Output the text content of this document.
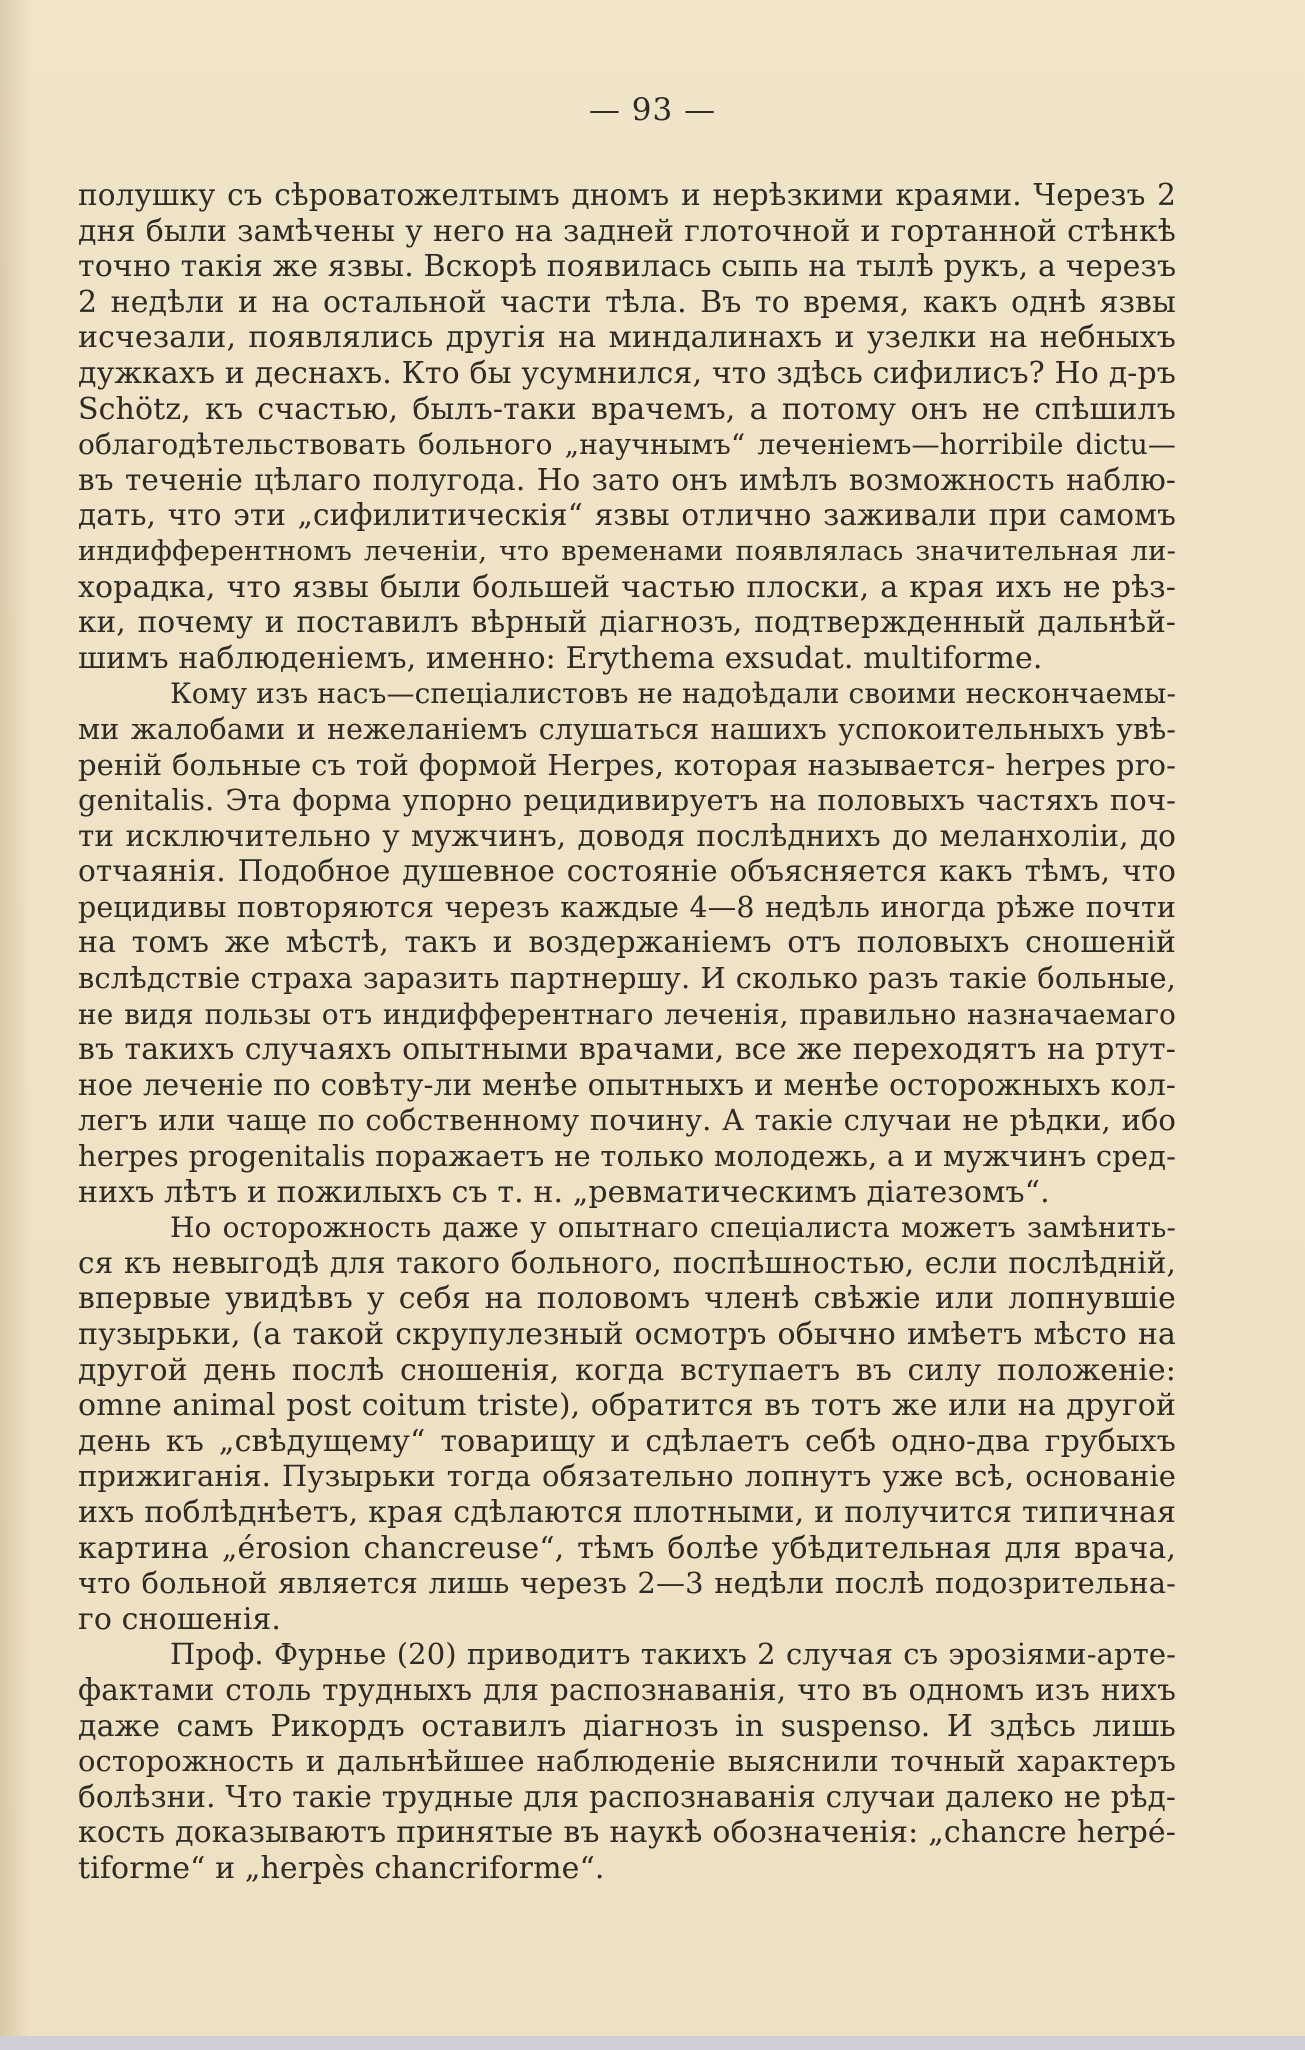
— 93 —
полушку съ сѣроватожелтымъ дномъ и нерѣзкими краями. Черезъ 2
дня были замѣчены у него на задней глоточной и гортанной стѣнкѣ
точно такія же язвы. Вскорѣ появилась сыпь на тылѣ рукъ, а черезъ
2 недѣли и на остальной части тѣла. Въ то время, какъ однѣ язвы
исчезали, появлялись другія на миндалинахъ и узелки на небныхъ
дужкахъ и деснахъ. Кто бы усумнился, что здѣсь сифилисъ? Но д-ръ
Schötz, къ счастью, былъ-таки врачемъ, а потому онъ не спѣшилъ
облагодѣтельствовать больного „научнымъ“ леченіемъ—horribile dictu—
въ теченіе цѣлаго полугода. Но зато онъ имѣлъ возможность наблю-
дать, что эти „сифилитическія“ язвы отлично заживали при самомъ
индифферентномъ леченіи, что временами появлялась значительная ли-
хорадка, что язвы были большей частью плоски, а края ихъ не рѣз-
ки, почему и поставилъ вѣрный діагнозъ, подтвержденный дальнѣй-
шимъ наблюденіемъ, именно: Erythema exsudat. multiforme.
Кому изъ насъ—спеціалистовъ не надоѣдали своими нескончаемы-
ми жалобами и нежеланіемъ слушаться нашихъ успокоительныхъ увѣ-
реній больные съ той формой Herpes, которая называется- herpes pro-
genitalis. Эта форма упорно рецидивируетъ на половыхъ частяхъ поч-
ти исключительно у мужчинъ, доводя послѣднихъ до меланхоліи, до
отчаянія. Подобное душевное состояніе объясняется какъ тѣмъ, что
рецидивы повторяются черезъ каждые 4—8 недѣль иногда рѣже почти
на томъ же мѣстѣ, такъ и воздержаніемъ отъ половыхъ сношеній
вслѣдствіе страха заразить партнершу. И сколько разъ такіе больные,
не видя пользы отъ индифферентнаго леченія, правильно назначаемаго
въ такихъ случаяхъ опытными врачами, все же переходятъ на ртут-
ное леченіе по совѣту-ли менѣе опытныхъ и менѣе осторожныхъ кол-
легъ или чаще по собственному почину. А такіе случаи не рѣдки, ибо
herpes progenitalis поражаетъ не только молодежь, а и мужчинъ сред-
нихъ лѣтъ и пожилыхъ съ т. н. „ревматическимъ діатезомъ“.
Но осторожность даже у опытнаго спеціалиста можетъ замѣнить-
ся къ невыгодѣ для такого больного, поспѣшностью, если послѣдній,
впервые увидѣвъ у себя на половомъ членѣ свѣжіе или лопнувшіе
пузырьки, (а такой скрупулезный осмотръ обычно имѣетъ мѣсто на
другой день послѣ сношенія, когда вступаетъ въ силу положеніе:
omne animal post coitum triste), обратится въ тотъ же или на другой
день къ „свѣдущему“ товарищу и сдѣлаетъ себѣ одно-два грубыхъ
прижиганія. Пузырьки тогда обязательно лопнутъ уже всѣ, основаніе
ихъ поблѣднѣетъ, края сдѣлаются плотными, и получится типичная
картина „érosion chancreuse“, тѣмъ болѣе убѣдительная для врача,
что больной является лишь черезъ 2—3 недѣли послѣ подозрительна-
го сношенія.
Проф. Фурнье (20) приводитъ такихъ 2 случая съ эрозіями-арте-
фактами столь трудныхъ для распознаванія, что въ одномъ изъ нихъ
даже самъ Рикордъ оставилъ діагнозъ in suspenso. И здѣсь лишь
осторожность и дальнѣйшее наблюденіе выяснили точный характеръ
болѣзни. Что такіе трудные для распознаванія случаи далеко не рѣд-
кость доказываютъ принятые въ наукѣ обозначенія: „chancre herpé-
tiforme“ и „herpès chancriforme“.
